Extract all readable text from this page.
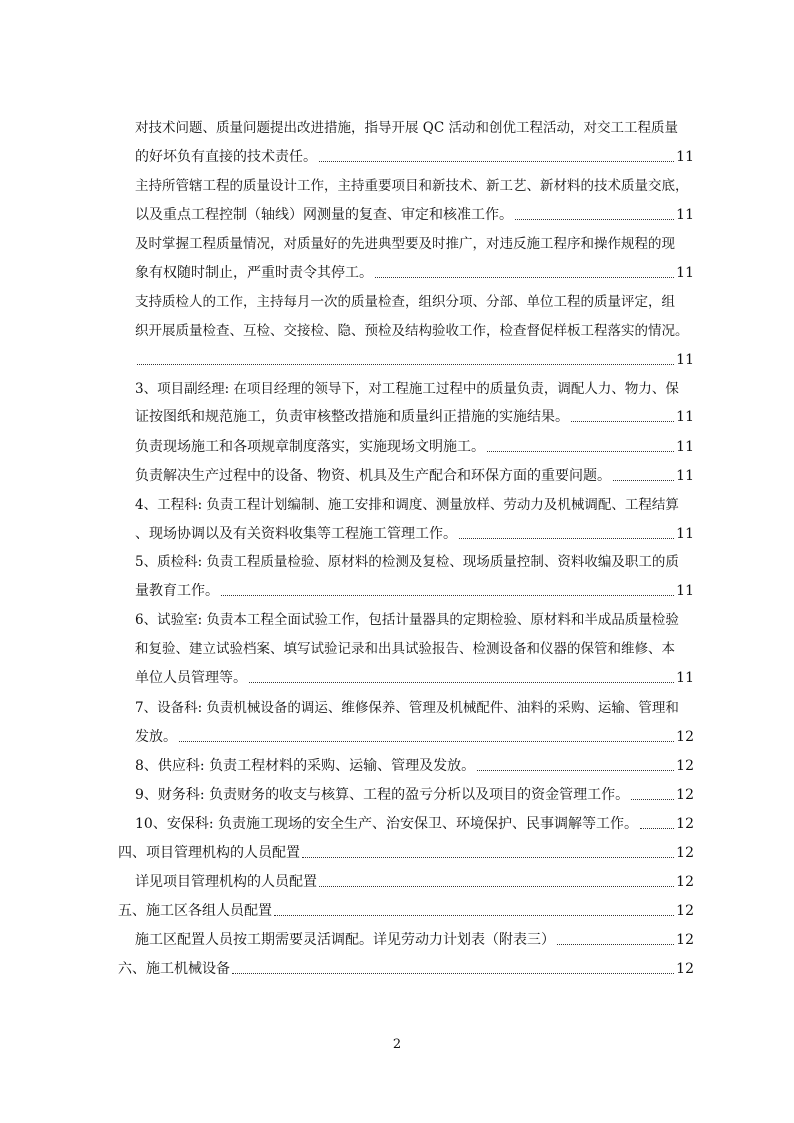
对技术问题、质量问题提出改进措施，指导开展 QC 活动和创优工程活动，对交工工程质量
的好坏负有直接的技术责任。	11
主持所管辖工程的质量设计工作，主持重要项目和新技术、新工艺、新材料的技术质量交底，
以及重点工程控制（轴线）网测量的复查、审定和核准工作。	11
及时掌握工程质量情况，对质量好的先进典型要及时推广，对违反施工程序和操作规程的现
象有权随时制止，严重时责令其停工。	11
支持质检人的工作，主持每月一次的质量检查，组织分项、分部、单位工程的质量评定，组
织开展质量检查、互检、交接检、隐、预检及结构验收工作，检查督促样板工程落实的情况。
11
3、项目副经理: 在项目经理的领导下，对工程施工过程中的质量负责，调配人力、物力、保
证按图纸和规范施工，负责审核整改措施和质量纠正措施的实施结果。	11
负责现场施工和各项规章制度落实，实施现场文明施工。	11
负责解决生产过程中的设备、物资、机具及生产配合和环保方面的重要问题。	11
4、工程科: 负责工程计划编制、施工安排和调度、测量放样、劳动力及机械调配、工程结算
、现场协调以及有关资料收集等工程施工管理工作。	11
5、质检科: 负责工程质量检验、原材料的检测及复检、现场质量控制、资料收编及职工的质
量教育工作。	11
6、试验室: 负责本工程全面试验工作，包括计量器具的定期检验、原材料和半成品质量检验
和复验、建立试验档案、填写试验记录和出具试验报告、检测设备和仪器的保管和维修、本
单位人员管理等。	11
7、设备科: 负责机械设备的调运、维修保养、管理及机械配件、油料的采购、运输、管理和
发放。	12
8、供应科: 负责工程材料的采购、运输、管理及发放。	12
9、财务科: 负责财务的收支与核算、工程的盈亏分析以及项目的资金管理工作。	12
10、安保科: 负责施工现场的安全生产、治安保卫、环境保护、民事调解等工作。	12
四、项目管理机构的人员配置	12
详见项目管理机构的人员配置	12
五、施工区各组人员配置	12
施工区配置人员按工期需要灵活调配。详见劳动力计划表（附表三）	12
六、施工机械设备	12
2
